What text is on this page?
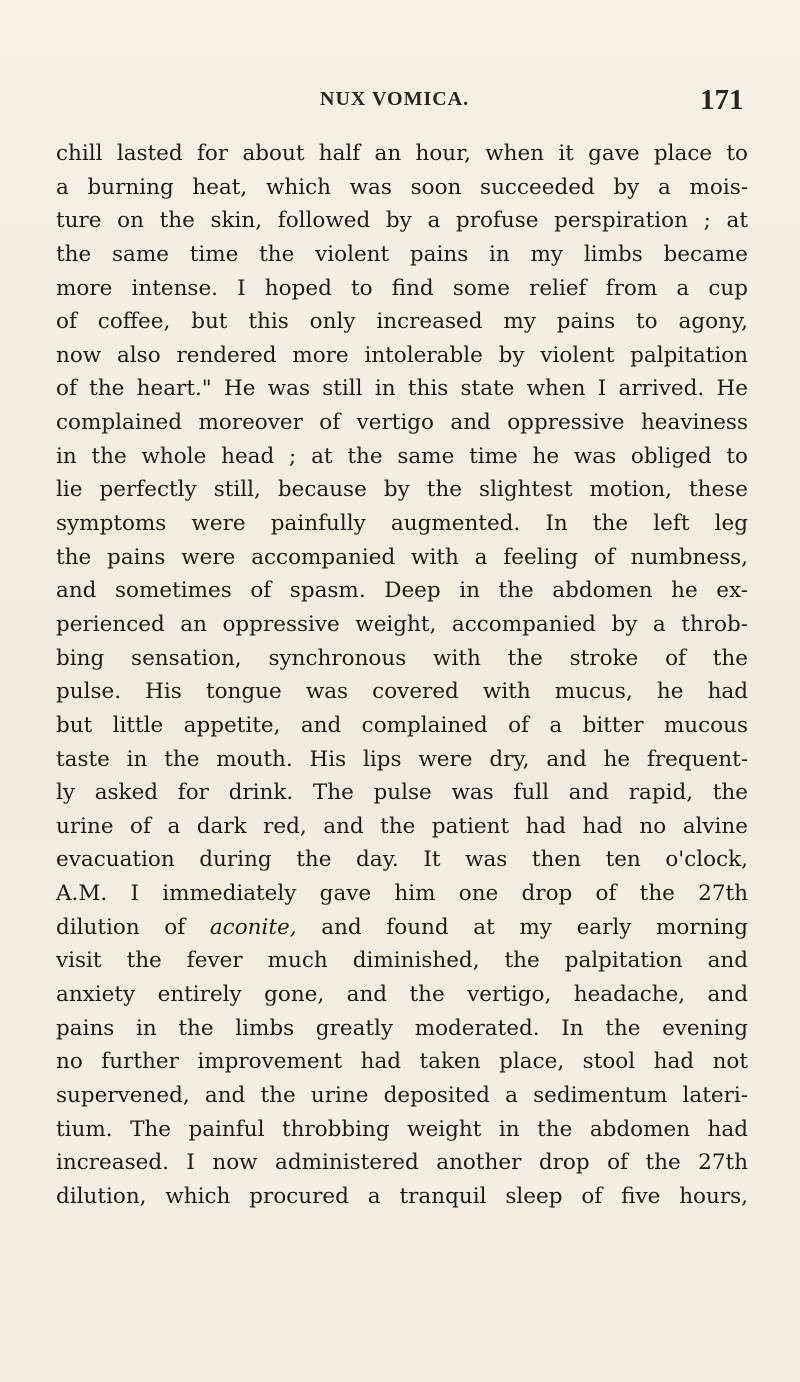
NUX VOMICA.	171
chill lasted for about half an hour, when it gave place to
a burning heat, which was soon succeeded by a mois-
ture on the skin, followed by a profuse perspiration ; at
the same time the violent pains in my limbs became
more intense. I hoped to find some relief from a cup
of coffee, but this only increased my pains to agony,
now also rendered more intolerable by violent palpitation
of the heart." He was still in this state when I arrived. He
complained moreover of vertigo and oppressive heaviness
in the whole head ; at the same time he was obliged to
lie perfectly still, because by the slightest motion, these
symptoms were painfully augmented. In the left leg
the pains were accompanied with a feeling of numbness,
and sometimes of spasm. Deep in the abdomen he ex-
perienced an oppressive weight, accompanied by a throb-
bing sensation, synchronous with the stroke of the
pulse. His tongue was covered with mucus, he had
but little appetite, and complained of a bitter mucous
taste in the mouth. His lips were dry, and he frequent-
ly asked for drink. The pulse was full and rapid, the
urine of a dark red, and the patient had had no alvine
evacuation during the day. It was then ten o'clock,
A.M. I immediately gave him one drop of the 27th
dilution of aconite, and found at my early morning
visit the fever much diminished, the palpitation and
anxiety entirely gone, and the vertigo, headache, and
pains in the limbs greatly moderated. In the evening
no further improvement had taken place, stool had not
supervened, and the urine deposited a sedimentum lateri-
tium. The painful throbbing weight in the abdomen had
increased. I now administered another drop of the 27th
dilution, which procured a tranquil sleep of five hours,
